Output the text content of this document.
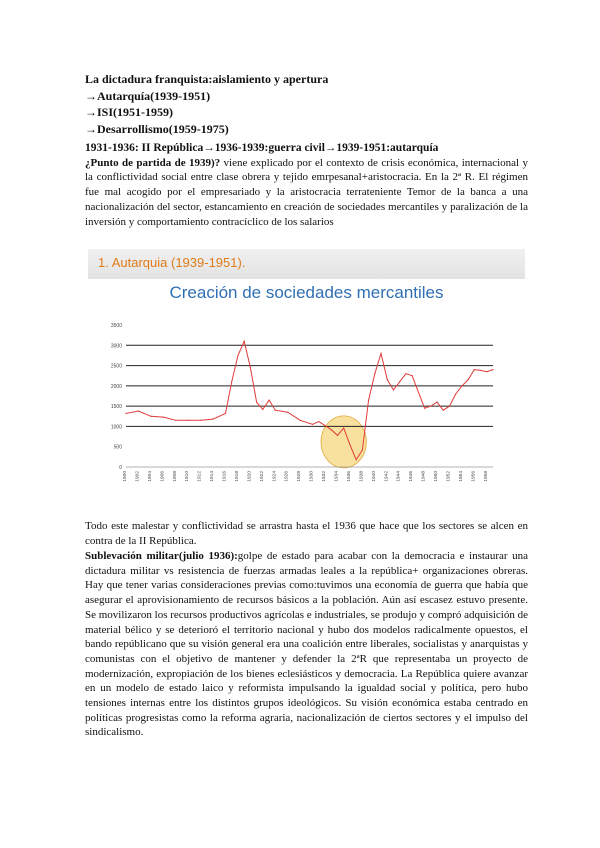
La dictadura franquista:aislamiento y apertura
→Autarquía(1939-1951)
→ISI(1951-1959)
→Desarrollismo(1959-1975)
1931-1936: II República→1936-1939:guerra civil→1939-1951:autarquía
¿Punto de partida de 1939)? viene explicado por el contexto de crisis económica, internacional y la conflictividad social entre clase obrera y tejido emrpesanal+aristocracia. En la 2ª R. El régimen fue mal acogido por el empresariado y la aristocracia terrateniente Temor de la banca a una nacionalización del sector, estancamiento en creación de sociedades mercantiles y paralización de la inversión y comportamiento contracíclico de los salarios
1. Autarquia (1939-1951).
Creación de sociedades mercantiles
3500
3000
2500
2000
1500
1000
500
0
1900 1902 1904 1906 1908 1910 1912 1914 1916 1918 1920 1922 1924 1926 1928 1930 1932 1934 1936 1938 1940 1942 1944 1946 1948 1950 1952 1954 1956 1958
Todo este malestar y conflictividad se arrastra hasta el 1936 que hace que los sectores se alcen en contra de la II República.
Sublevación militar(julio 1936):golpe de estado para acabar con la democracia e instaurar una dictadura militar vs resistencia de fuerzas armadas leales a la república+ organizaciones obreras. Hay que tener varias consideraciones previas como:tuvimos una economía de guerra que había que asegurar el aprovisionamiento de recursos básicos a la población. Aún así escasez estuvo presente. Se movilizaron los recursos productivos agrícolas e industriales, se produjo y compró adquisición de material bélico y se deterioró el territorio nacional y hubo dos modelos radicalmente opuestos, el bando repúblicano que su visión general era una coalición entre liberales, socialistas y anarquistas y comunistas con el objetivo de mantener y defender la 2ªR que representaba un proyecto de modernización, expropiación de los bienes eclesiásticos y democracia. La República quiere avanzar en un modelo de estado laico y reformista impulsando la igualdad social y política, pero hubo tensiones internas entre los distintos grupos ideológicos. Su visión económica estaba centrado en políticas progresistas como la reforma agraria, nacionalización de ciertos sectores y el impulso del sindicalismo.
